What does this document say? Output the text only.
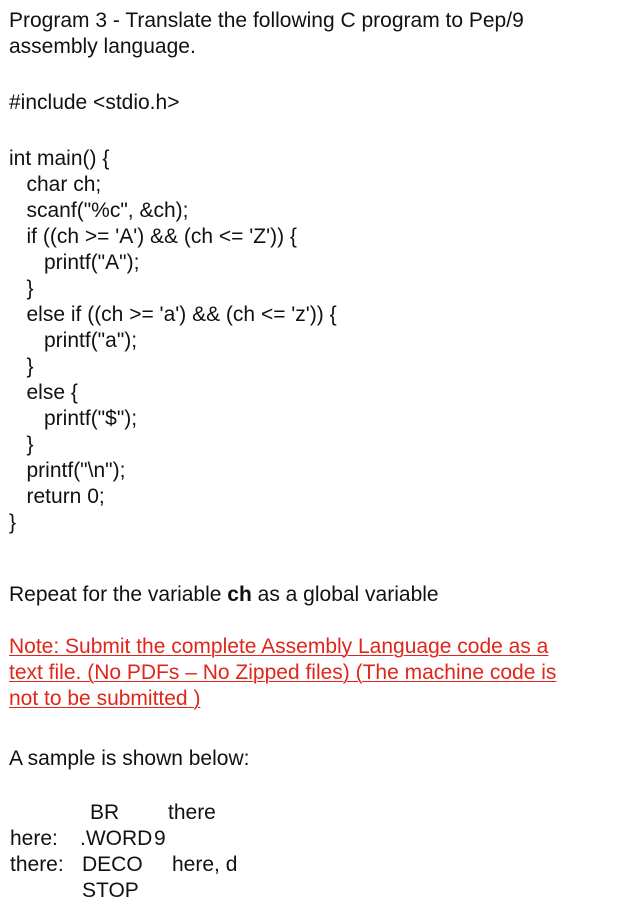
Program 3 - Translate the following C program to Pep/9
assembly language.
#include <stdio.h>
int main() {
char ch;
scanf("%c", &ch);
if ((ch >= 'A') && (ch <= 'Z')) {
printf("A");
}
else if ((ch >= 'a') && (ch <= 'z')) {
printf("a");
}
else {
printf("$");
}
printf("\n");
return 0;
}
Repeat for the variable ch as a global variable
Note: Submit the complete Assembly Language code as a
text file. (No PDFs – No Zipped files) (The machine code is
not to be submitted )
A sample is shown below:
BR there
here: .WORD 9
there: DECO here, d
STOP
